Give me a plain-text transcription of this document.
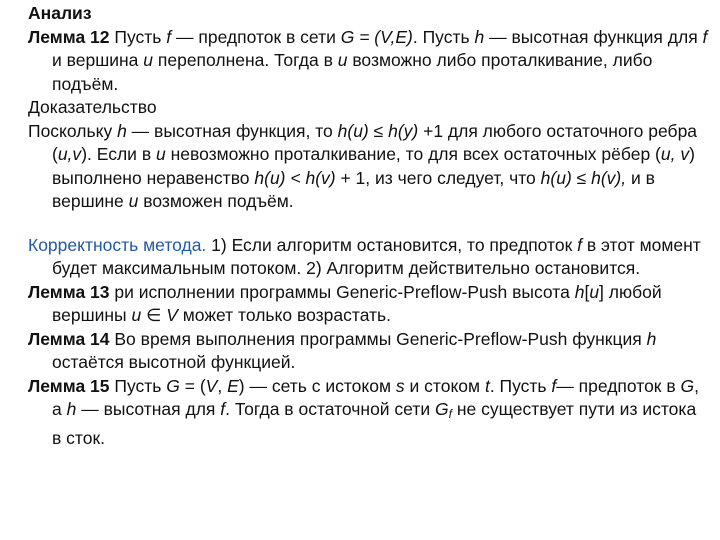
Анализ

Лемма 12 Пусть f — предпоток в сети G = (V,E). Пусть h — высотная функция для f и вершина u переполнена. Тогда в u возможно либо проталкивание, либо подъём.

Доказательство

Поскольку h — высотная функция, то h(u) ≤ h(y) +1 для любого остаточного ребра (u,v). Если в u невозможно проталкивание, то для всех остаточных рёбер (u, v) выполнено неравенство h(u) < h(v) + 1, из чего следует, что h(u) ≤ h(v), и в вершине u возможен подъём.

Корректность метода. 1) Если алгоритм остановится, то предпоток f в этот момент будет максимальным потоком. 2) Алгоритм действительно остановится.

Лемма 13 ри исполнении программы Generic-Preflow-Push высота h[u] любой вершины u ∈ V может только возрастать.

Лемма 14 Во время выполнения программы Generic-Preflow-Push функция h остаётся высотной функцией.

Лемма 15 Пусть G = (V, E) — сеть с истоком s и стоком t. Пусть f— предпоток в G, а h — высотная для f. Тогда в остаточной сети $G_f$ не существует пути из истока в сток.
